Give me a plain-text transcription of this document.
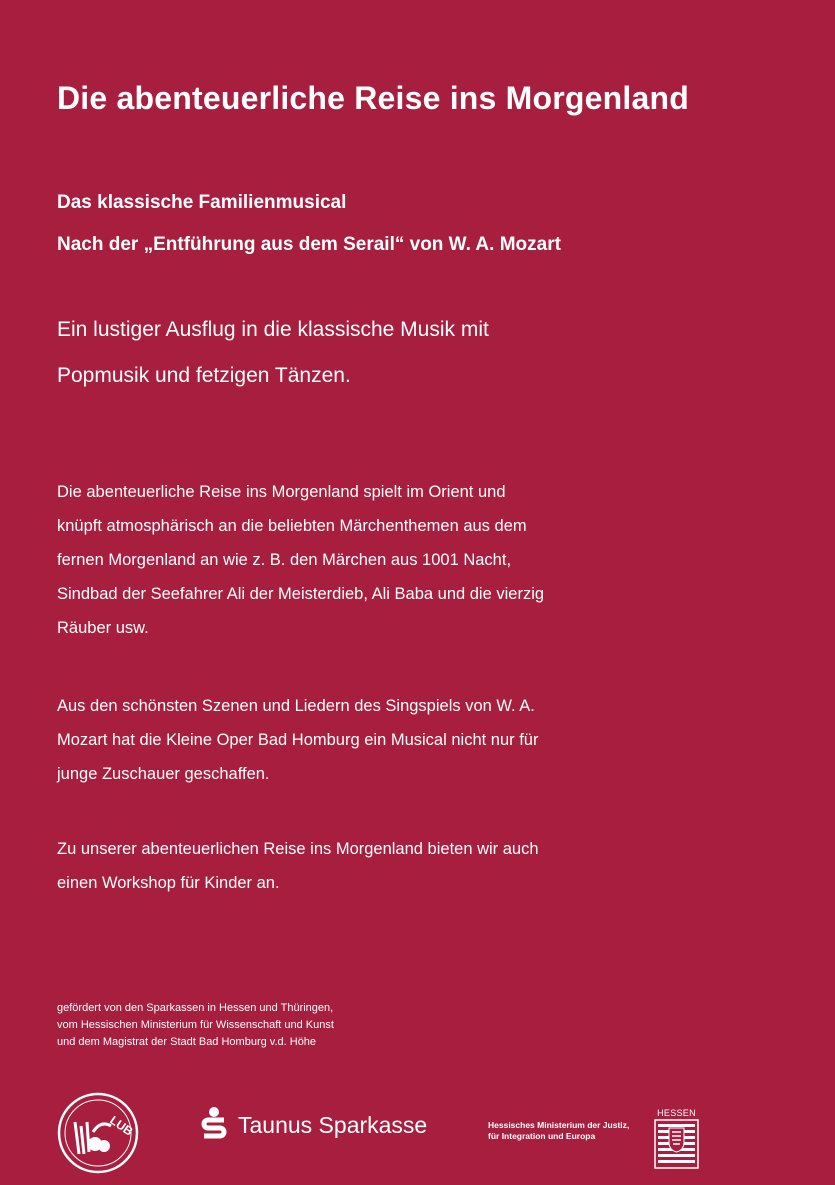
Die abenteuerliche Reise ins Morgenland

Das klassische Familienmusical

Nach der „Entführung aus dem Serail“ von W. A. Mozart

Ein lustiger Ausflug in die klassische Musik mit

Popmusik und fetzigen Tänzen.

Die abenteuerliche Reise ins Morgenland spielt im Orient und
knüpft atmosphärisch an die beliebten Märchenthemen aus dem
fernen Morgenland an wie z. B. den Märchen aus 1001 Nacht,
Sindbad der Seefahrer Ali der Meisterdieb, Ali Baba und die vierzig
Räuber usw.
Aus den schönsten Szenen und Liedern des Singspiels von W. A.
Mozart hat die Kleine Oper Bad Homburg ein Musical nicht nur für
junge Zuschauer geschaffen.
Zu unserer abenteuerlichen Reise ins Morgenland bieten wir auch
einen Workshop für Kinder an.
gefördert von den Sparkassen in Hessen und Thüringen,
vom Hessischen Ministerium für Wissenschaft und Kunst
und dem Magistrat der Stadt Bad Homburg v.d. Höhe
LUB	Taunus Sparkasse	Hessisches Ministerium der Justiz,
für Integration und Europa
HESSEN
